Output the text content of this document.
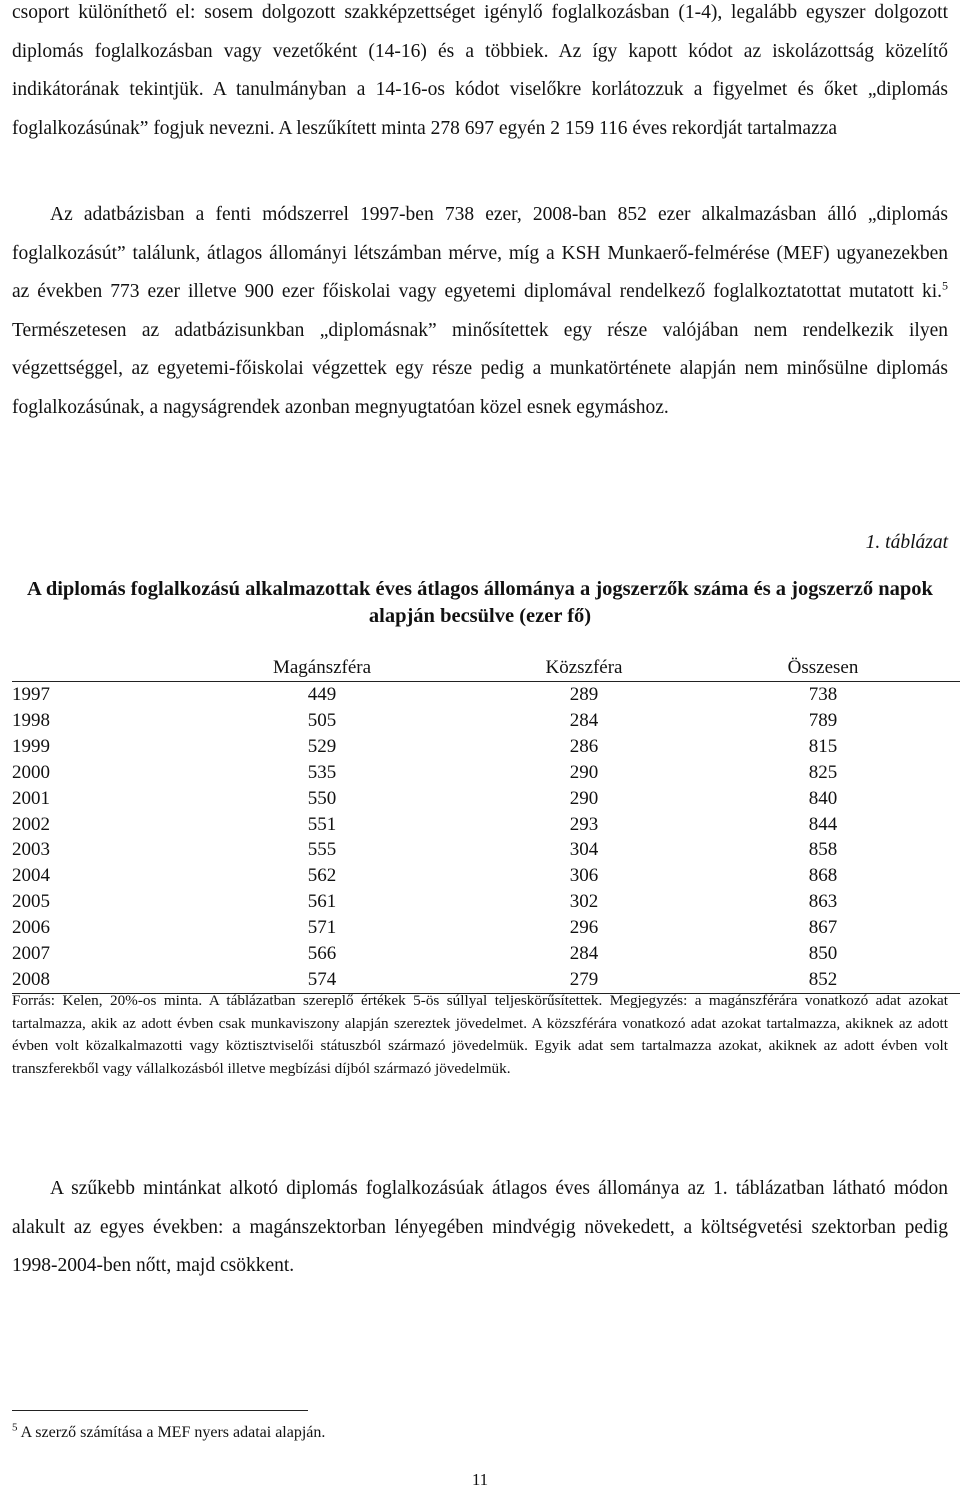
csoport különíthető el: sosem dolgozott szakképzettséget igénylő foglalkozásban (1-4), legalább egyszer dolgozott diplomás foglalkozásban vagy vezetőként (14-16) és a többiek. Az így kapott kódot az iskolázottság közelítő indikátorának tekintjük. A tanulmányban a 14-16-os kódot viselőkre korlátozzuk a figyelmet és őket „diplomás foglalkozásúnak” fogjuk nevezni. A leszűkített minta 278 697 egyén 2 159 116 éves rekordját tartalmazza

Az adatbázisban a fenti módszerrel 1997-ben 738 ezer, 2008-ban 852 ezer alkalmazásban álló „diplomás foglalkozásút” találunk, átlagos állományi létszámban mérve, míg a KSH Munkaerő-felmérése (MEF) ugyanezekben az években 773 ezer illetve 900 ezer főiskolai vagy egyetemi diplomával rendelkező foglalkoztatottat mutatott ki.$^5$ Természetesen az adatbázisunkban „diplomásnak” minősítettek egy része valójában nem rendelkezik ilyen végzettséggel, az egyetemi-főiskolai végzettek egy része pedig a munkatörténete alapján nem minősülne diplomás foglalkozásúnak, a nagyságrendek azonban megnyugtatóan közel esnek egymáshoz.

1. táblázat

A diplomás foglalkozású alkalmazottak éves átlagos állománya a jogszerzők száma és a jogszerző napok alapján becsülve (ezer fő)

	Magánszféra	Közszféra	Összesen
1997	449	289	738
1998	505	284	789
1999	529	286	815
2000	535	290	825
2001	550	290	840
2002	551	293	844
2003	555	304	858
2004	562	306	868
2005	561	302	863
2006	571	296	867
2007	566	284	850
2008	574	279	852

Forrás: Kelen, 20%-os minta. A táblázatban szereplő értékek 5-ös súllyal teljeskörűsítettek. Megjegyzés: a magánszférára vonatkozó adat azokat tartalmazza, akik az adott évben csak munkaviszony alapján szereztek jövedelmet. A közszférára vonatkozó adat azokat tartalmazza, akiknek az adott évben volt közalkalmazotti vagy köztisztviselői státuszból származó jövedelmük. Egyik adat sem tartalmazza azokat, akiknek az adott évben volt transzferekből vagy vállalkozásból illetve megbízási díjból származó jövedelmük.

A szűkebb mintánkat alkotó diplomás foglalkozásúak átlagos éves állománya az 1. táblázatban látható módon alakult az egyes években: a magánszektorban lényegében mindvégig növekedett, a költségvetési szektorban pedig 1998-2004-ben nőtt, majd csökkent.

$^5$ A szerző számítása a MEF nyers adatai alapján.

11
